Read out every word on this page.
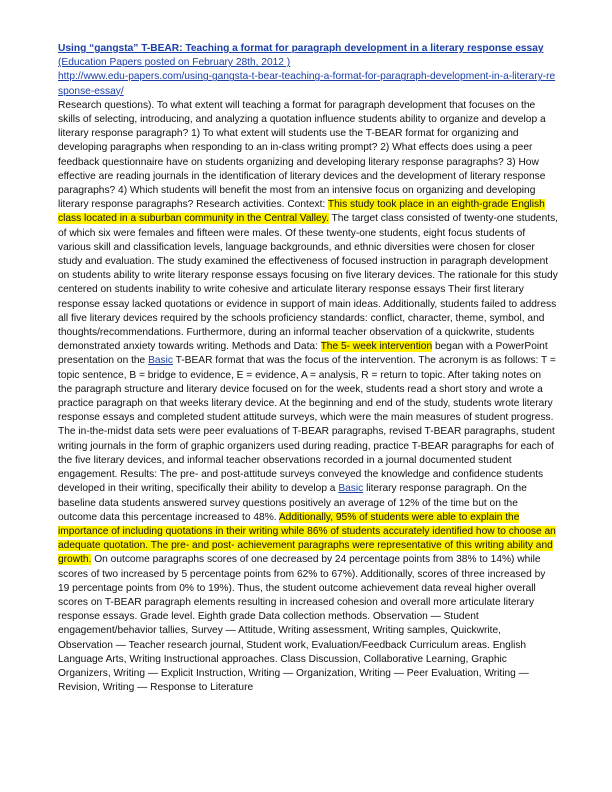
Using “gangsta” T-BEAR: Teaching a format for paragraph development in a literary response essay (Education Papers posted on February 28th, 2012 )
http://www.edu-papers.com/using-gangsta-t-bear-teaching-a-format-for-paragraph-development-in-a-literary-response-essay/
Research questions). To what extent will teaching a format for paragraph development that focuses on the skills of selecting, introducing, and analyzing a quotation influence students ability to organize and develop a literary response paragraph? 1) To what extent will students use the T-BEAR format for organizing and developing paragraphs when responding to an in-class writing prompt? 2) What effects does using a peer feedback questionnaire have on students organizing and developing literary response paragraphs? 3) How effective are reading journals in the identification of literary devices and the development of literary response paragraphs? 4) Which students will benefit the most from an intensive focus on organizing and developing literary response paragraphs? Research activities. Context: This study took place in an eighth-grade English class located in a suburban community in the Central Valley. The target class consisted of twenty-one students, of which six were females and fifteen were males. Of these twenty-one students, eight focus students of various skill and classification levels, language backgrounds, and ethnic diversities were chosen for closer study and evaluation. The study examined the effectiveness of focused instruction in paragraph development on students ability to write literary response essays focusing on five literary devices. The rationale for this study centered on students inability to write cohesive and articulate literary response essays Their first literary response essay lacked quotations or evidence in support of main ideas. Additionally, students failed to address all five literary devices required by the schools proficiency standards: conflict, character, theme, symbol, and thoughts/recommendations. Furthermore, during an informal teacher observation of a quickwrite, students demonstrated anxiety towards writing. Methods and Data: The 5- week intervention began with a PowerPoint presentation on the Basic T-BEAR format that was the focus of the intervention. The acronym is as follows: T = topic sentence, B = bridge to evidence, E = evidence, A = analysis, R = return to topic. After taking notes on the paragraph structure and literary device focused on for the week, students read a short story and wrote a practice paragraph on that weeks literary device. At the beginning and end of the study, students wrote literary response essays and completed student attitude surveys, which were the main measures of student progress. The in-the-midst data sets were peer evaluations of T-BEAR paragraphs, revised T-BEAR paragraphs, student writing journals in the form of graphic organizers used during reading, practice T-BEAR paragraphs for each of the five literary devices, and informal teacher observations recorded in a journal documented student engagement. Results: The pre- and post-attitude surveys conveyed the knowledge and confidence students developed in their writing, specifically their ability to develop a Basic literary response paragraph. On the baseline data students answered survey questions positively an average of 12% of the time but on the outcome data this percentage increased to 48%. Additionally, 95% of students were able to explain the importance of including quotations in their writing while 86% of students accurately identified how to choose an adequate quotation. The pre- and post- achievement paragraphs were representative of this writing ability and growth. On outcome paragraphs scores of one decreased by 24 percentage points from 38% to 14%) while scores of two increased by 5 percentage points from 62% to 67%). Additionally, scores of three increased by 19 percentage points from 0% to 19%). Thus, the student outcome achievement data reveal higher overall scores on T-BEAR paragraph elements resulting in increased cohesion and overall more articulate literary response essays. Grade level. Eighth grade Data collection methods. Observation — Student engagement/behavior tallies, Survey — Attitude, Writing assessment, Writing samples, Quickwrite, Observation — Teacher research journal, Student work, Evaluation/Feedback Curriculum areas. English Language Arts, Writing Instructional approaches. Class Discussion, Collaborative Learning, Graphic Organizers, Writing — Explicit Instruction, Writing — Organization, Writing — Peer Evaluation, Writing — Revision, Writing — Response to Literature
